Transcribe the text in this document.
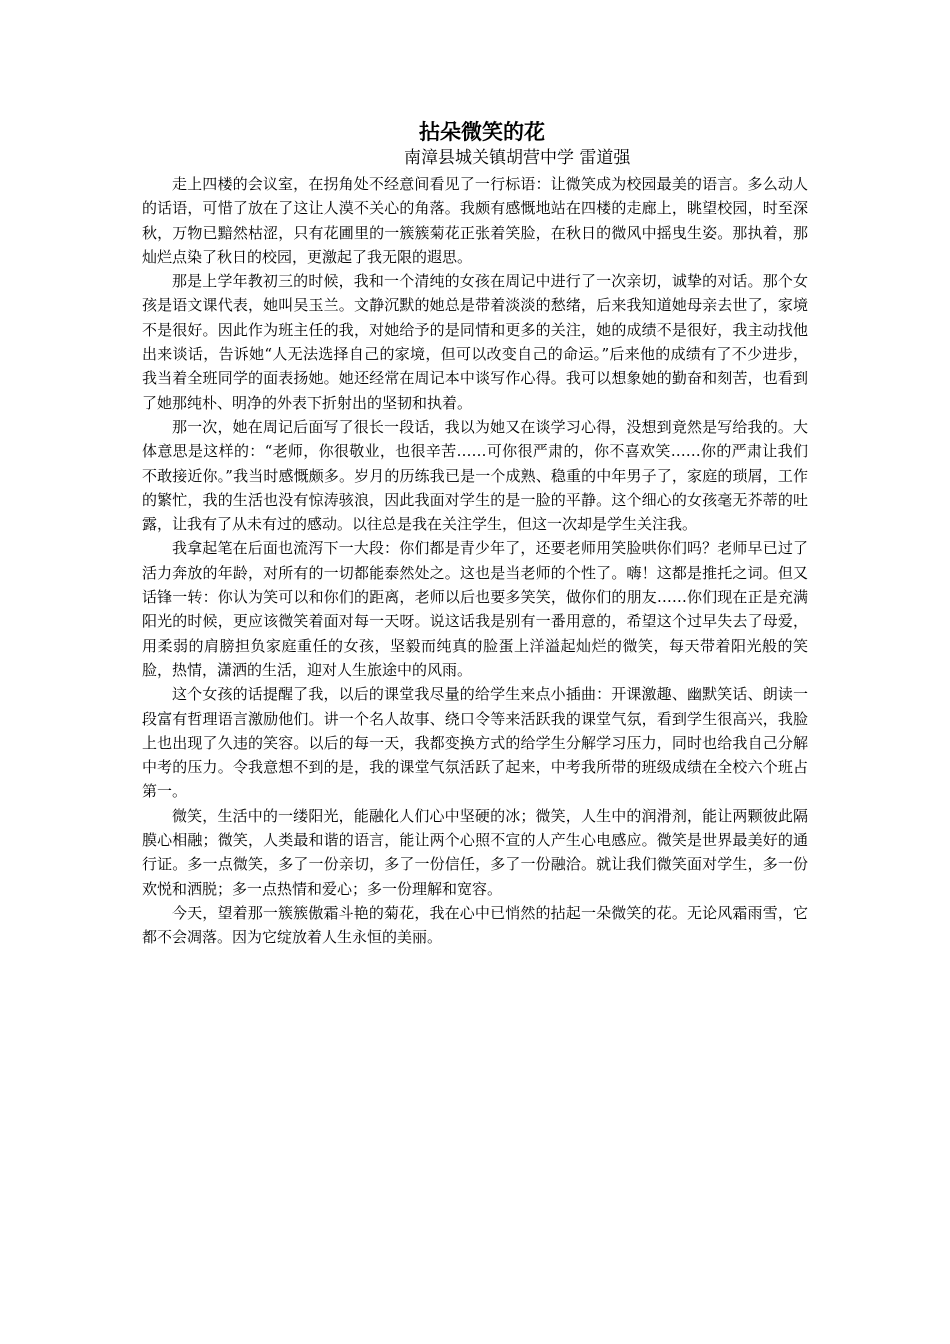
拈朵微笑的花
南漳县城关镇胡营中学 雷道强

走上四楼的会议室，在拐角处不经意间看见了一行标语：让微笑成为校园最美的语言。多么动人的话语，可惜了放在了这让人漠不关心的角落。我颇有感慨地站在四楼的走廊上，眺望校园，时至深秋，万物已黯然枯涩，只有花圃里的一簇簇菊花正张着笑脸，在秋日的微风中摇曳生姿。那执着，那灿烂点染了秋日的校园，更激起了我无限的遐思。

那是上学年教初三的时候，我和一个清纯的女孩在周记中进行了一次亲切，诚挚的对话。那个女孩是语文课代表，她叫吴玉兰。文静沉默的她总是带着淡淡的愁绪，后来我知道她母亲去世了，家境不是很好。因此作为班主任的我，对她给予的是同情和更多的关注，她的成绩不是很好，我主动找他出来谈话，告诉她“人无法选择自己的家境，但可以改变自己的命运。”后来他的成绩有了不少进步，我当着全班同学的面表扬她。她还经常在周记本中谈写作心得。我可以想象她的勤奋和刻苦，也看到了她那纯朴、明净的外表下折射出的坚韧和执着。

那一次，她在周记后面写了很长一段话，我以为她又在谈学习心得，没想到竟然是写给我的。大体意思是这样的：“老师，你很敬业，也很辛苦……可你很严肃的，你不喜欢笑……你的严肃让我们不敢接近你。”我当时感慨颇多。岁月的历练我已是一个成熟、稳重的中年男子了，家庭的琐屑，工作的繁忙，我的生活也没有惊涛骇浪，因此我面对学生的是一脸的平静。这个细心的女孩毫无芥蒂的吐露，让我有了从未有过的感动。以往总是我在关注学生，但这一次却是学生关注我。

我拿起笔在后面也流泻下一大段：你们都是青少年了，还要老师用笑脸哄你们吗？老师早已过了活力奔放的年龄，对所有的一切都能泰然处之。这也是当老师的个性了。嗨！这都是推托之词。但又话锋一转：你认为笑可以和你们的距离，老师以后也要多笑笑，做你们的朋友……你们现在正是充满阳光的时候，更应该微笑着面对每一天呀。说这话我是别有一番用意的，希望这个过早失去了母爱，用柔弱的肩膀担负家庭重任的女孩，坚毅而纯真的脸蛋上洋溢起灿烂的微笑，每天带着阳光般的笑脸，热情，潇洒的生活，迎对人生旅途中的风雨。

这个女孩的话提醒了我，以后的课堂我尽量的给学生来点小插曲：开课激趣、幽默笑话、朗读一段富有哲理语言激励他们。讲一个名人故事、绕口令等来活跃我的课堂气氛，看到学生很高兴，我脸上也出现了久违的笑容。以后的每一天，我都变换方式的给学生分解学习压力，同时也给我自己分解中考的压力。令我意想不到的是，我的课堂气氛活跃了起来，中考我所带的班级成绩在全校六个班占第一。

微笑，生活中的一缕阳光，能融化人们心中坚硬的冰；微笑，人生中的润滑剂，能让两颗彼此隔膜心相融；微笑，人类最和谐的语言，能让两个心照不宣的人产生心电感应。微笑是世界最美好的通行证。多一点微笑，多了一份亲切，多了一份信任，多了一份融洽。就让我们微笑面对学生，多一份欢悦和洒脱；多一点热情和爱心；多一份理解和宽容。

今天，望着那一簇簇傲霜斗艳的菊花，我在心中已悄然的拈起一朵微笑的花。无论风霜雨雪，它都不会凋落。因为它绽放着人生永恒的美丽。
